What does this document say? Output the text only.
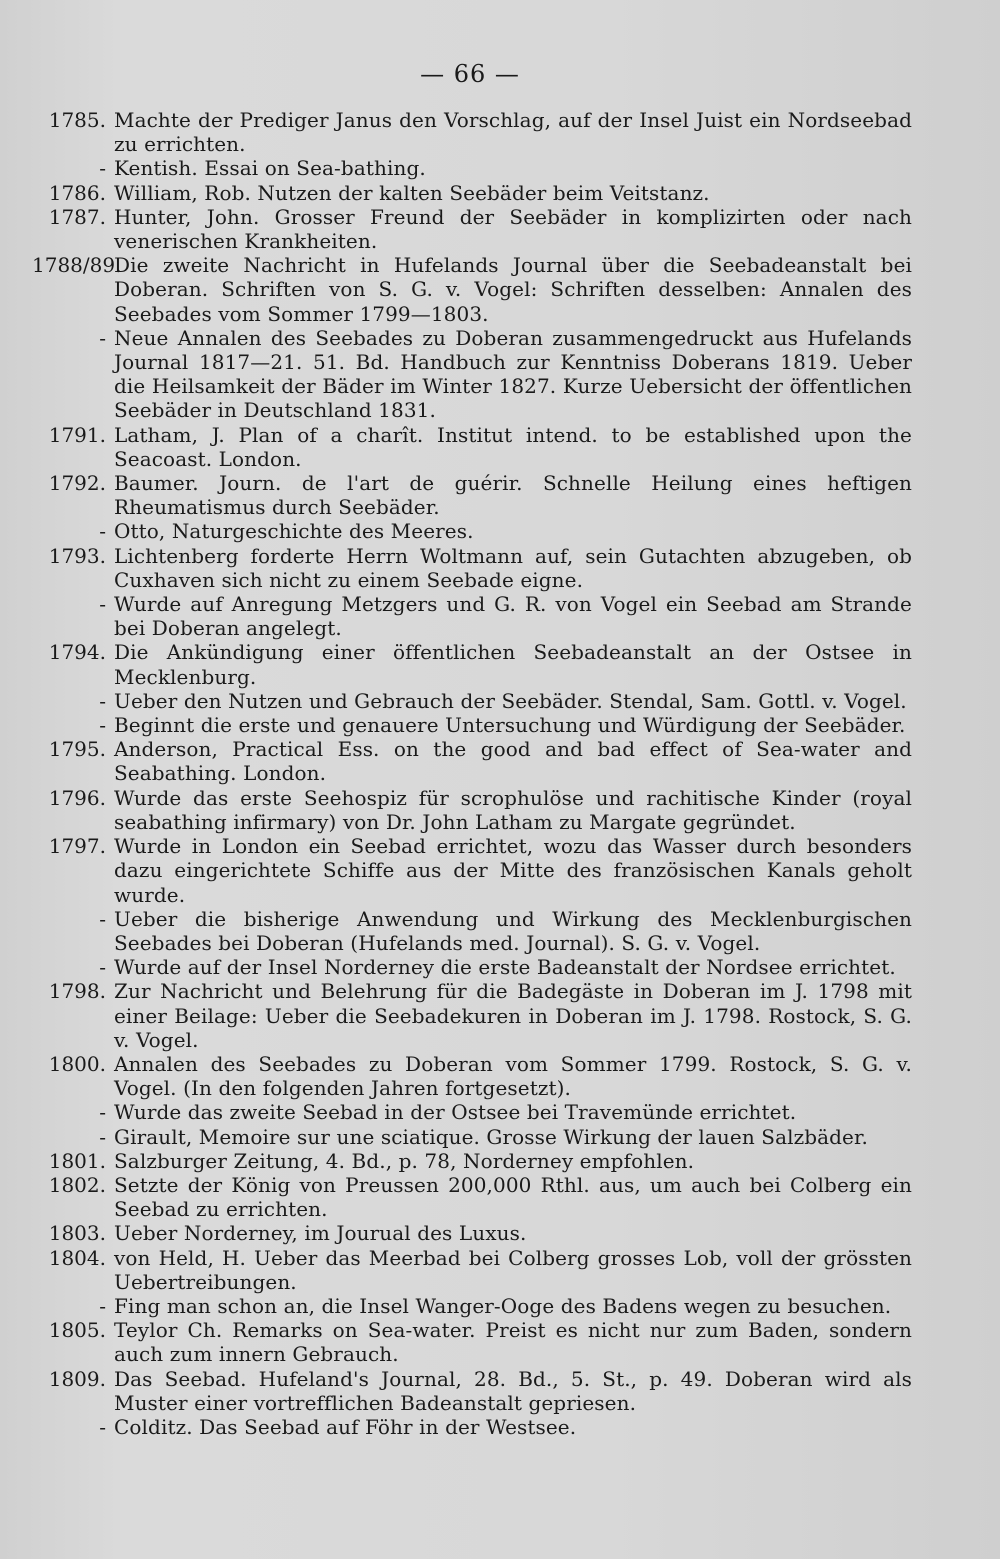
— 66 —
1785. Machte der Prediger Janus den Vorschlag, auf der Insel Juist ein Nordseebad zu errichten.
- Kentish. Essai on Sea-bathing.
1786. William, Rob. Nutzen der kalten Seebäder beim Veitstanz.
1787. Hunter, John. Grosser Freund der Seebäder in komplizirten oder nach venerischen Krankheiten.
1788/89.
Die zweite Nachricht in Hufelands Journal über die Seebadeanstalt bei Doberan. Schriften von S. G. v. Vogel: Schriften desselben: Annalen des Seebades vom Sommer 1799—1803.
- Neue Annalen des Seebades zu Doberan zusammengedruckt aus Hufelands Journal 1817—21. 51. Bd. Handbuch zur Kenntniss Doberans 1819. Ueber die Heilsamkeit der Bäder im Winter 1827. Kurze Uebersicht der öffentlichen Seebäder in Deutschland 1831.
1791. Latham, J. Plan of a charît. Institut intend. to be established upon the Seacoast. London.
1792. Baumer. Journ. de l'art de guérir. Schnelle Heilung eines heftigen Rheumatismus durch Seebäder.
- Otto, Naturgeschichte des Meeres.
1793. Lichtenberg forderte Herrn Woltmann auf, sein Gutachten abzugeben, ob Cuxhaven sich nicht zu einem Seebade eigne.
- Wurde auf Anregung Metzgers und G. R. von Vogel ein Seebad am Strande bei Doberan angelegt.
1794. Die Ankündigung einer öffentlichen Seebadeanstalt an der Ostsee in Mecklenburg.
- Ueber den Nutzen und Gebrauch der Seebäder. Stendal, Sam. Gottl. v. Vogel.
- Beginnt die erste und genauere Untersuchung und Würdigung der Seebäder.
1795. Anderson, Practical Ess. on the good and bad effect of Sea-water and Seabathing. London.
1796. Wurde das erste Seehospiz für scrophulöse und rachitische Kinder (royal seabathing infirmary) von Dr. John Latham zu Margate gegründet.
1797. Wurde in London ein Seebad errichtet, wozu das Wasser durch besonders dazu eingerichtete Schiffe aus der Mitte des französischen Kanals geholt wurde.
- Ueber die bisherige Anwendung und Wirkung des Mecklenburgischen Seebades bei Doberan (Hufelands med. Journal). S. G. v. Vogel.
- Wurde auf der Insel Norderney die erste Badeanstalt der Nordsee errichtet.
1798. Zur Nachricht und Belehrung für die Badegäste in Doberan im J. 1798 mit einer Beilage: Ueber die Seebadekuren in Doberan im J. 1798. Rostock, S. G. v. Vogel.
1800. Annalen des Seebades zu Doberan vom Sommer 1799. Rostock, S. G. v. Vogel. (In den folgenden Jahren fortgesetzt).
- Wurde das zweite Seebad in der Ostsee bei Travemünde errichtet.
- Girault, Memoire sur une sciatique. Grosse Wirkung der lauen Salzbäder.
1801. Salzburger Zeitung, 4. Bd., p. 78, Norderney empfohlen.
1802. Setzte der König von Preussen 200,000 Rthl. aus, um auch bei Colberg ein Seebad zu errichten.
1803. Ueber Norderney, im Jourual des Luxus.
1804. von Held, H. Ueber das Meerbad bei Colberg grosses Lob, voll der grössten Uebertreibungen.
- Fing man schon an, die Insel Wanger-Ooge des Badens wegen zu besuchen.
1805. Teylor Ch. Remarks on Sea-water. Preist es nicht nur zum Baden, sondern auch zum innern Gebrauch.
1809. Das Seebad. Hufeland's Journal, 28. Bd., 5. St., p. 49. Doberan wird als Muster einer vortrefflichen Badeanstalt gepriesen.
- Colditz. Das Seebad auf Föhr in der Westsee.
